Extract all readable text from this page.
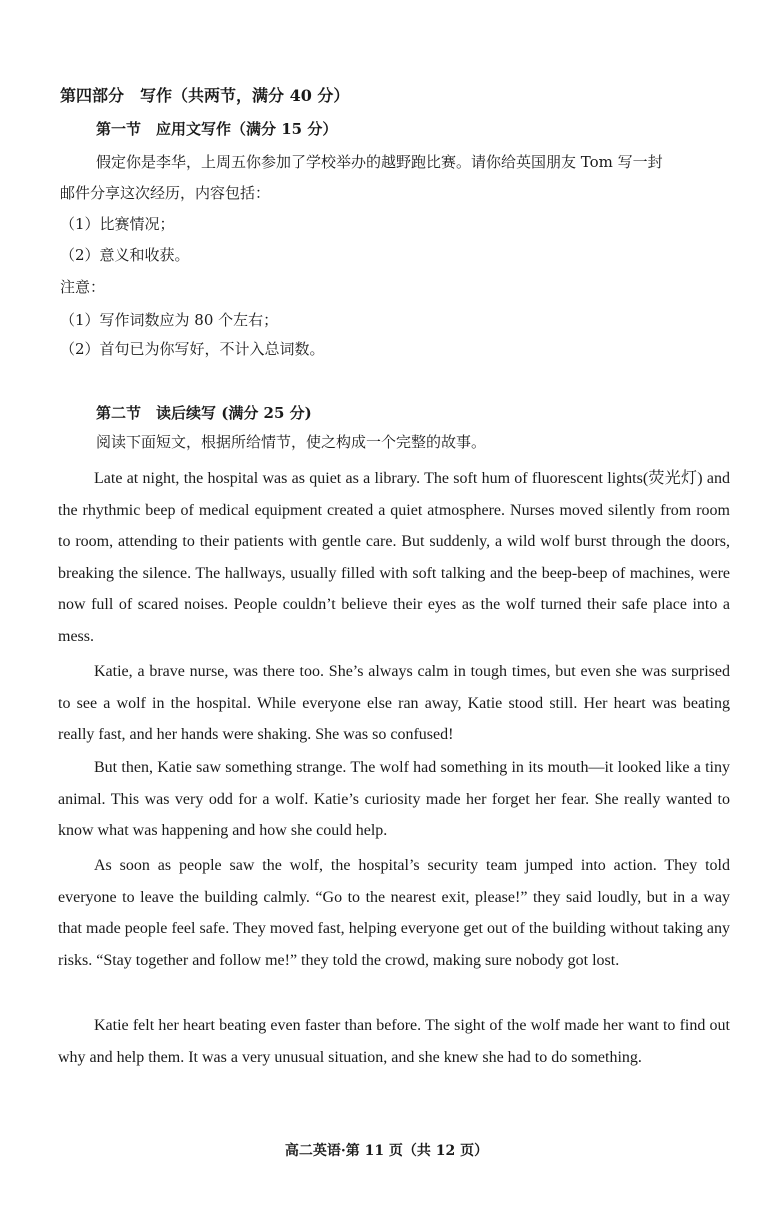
第四部分　写作（共两节，满分 40 分）
第一节　应用文写作（满分 15 分）
假定你是李华，上周五你参加了学校举办的越野跑比赛。请你给英国朋友 Tom 写一封
邮件分享这次经历，内容包括：
（1）比赛情况；
（2）意义和收获。
注意：
（1）写作词数应为 80 个左右；
（2）首句已为你写好，不计入总词数。
第二节　读后续写 (满分 25 分)
阅读下面短文，根据所给情节，使之构成一个完整的故事。

Late at night, the hospital was as quiet as a library. The soft hum of fluorescent lights(荧光灯) and the rhythmic beep of medical equipment created a quiet atmosphere. Nurses moved silently from room to room, attending to their patients with gentle care. But suddenly, a wild wolf burst through the doors, breaking the silence. The hallways, usually filled with soft talking and the beep-beep of machines, were now full of scared noises. People couldn’t believe their eyes as the wolf turned their safe place into a mess.

Katie, a brave nurse, was there too. She’s always calm in tough times, but even she was surprised to see a wolf in the hospital. While everyone else ran away, Katie stood still. Her heart was beating really fast, and her hands were shaking. She was so confused!

But then, Katie saw something strange. The wolf had something in its mouth—it looked like a tiny animal. This was very odd for a wolf. Katie’s curiosity made her forget her fear. She really wanted to know what was happening and how she could help.

As soon as people saw the wolf, the hospital’s security team jumped into action. They told everyone to leave the building calmly. “Go to the nearest exit, please!” they said loudly, but in a way that made people feel safe. They moved fast, helping everyone get out of the building without taking any risks. “Stay together and follow me!” they told the crowd, making sure nobody got lost.

Katie felt her heart beating even faster than before. The sight of the wolf made her want to find out why and help them. It was a very unusual situation, and she knew she had to do something.

高二英语·第 11 页（共 12 页）
